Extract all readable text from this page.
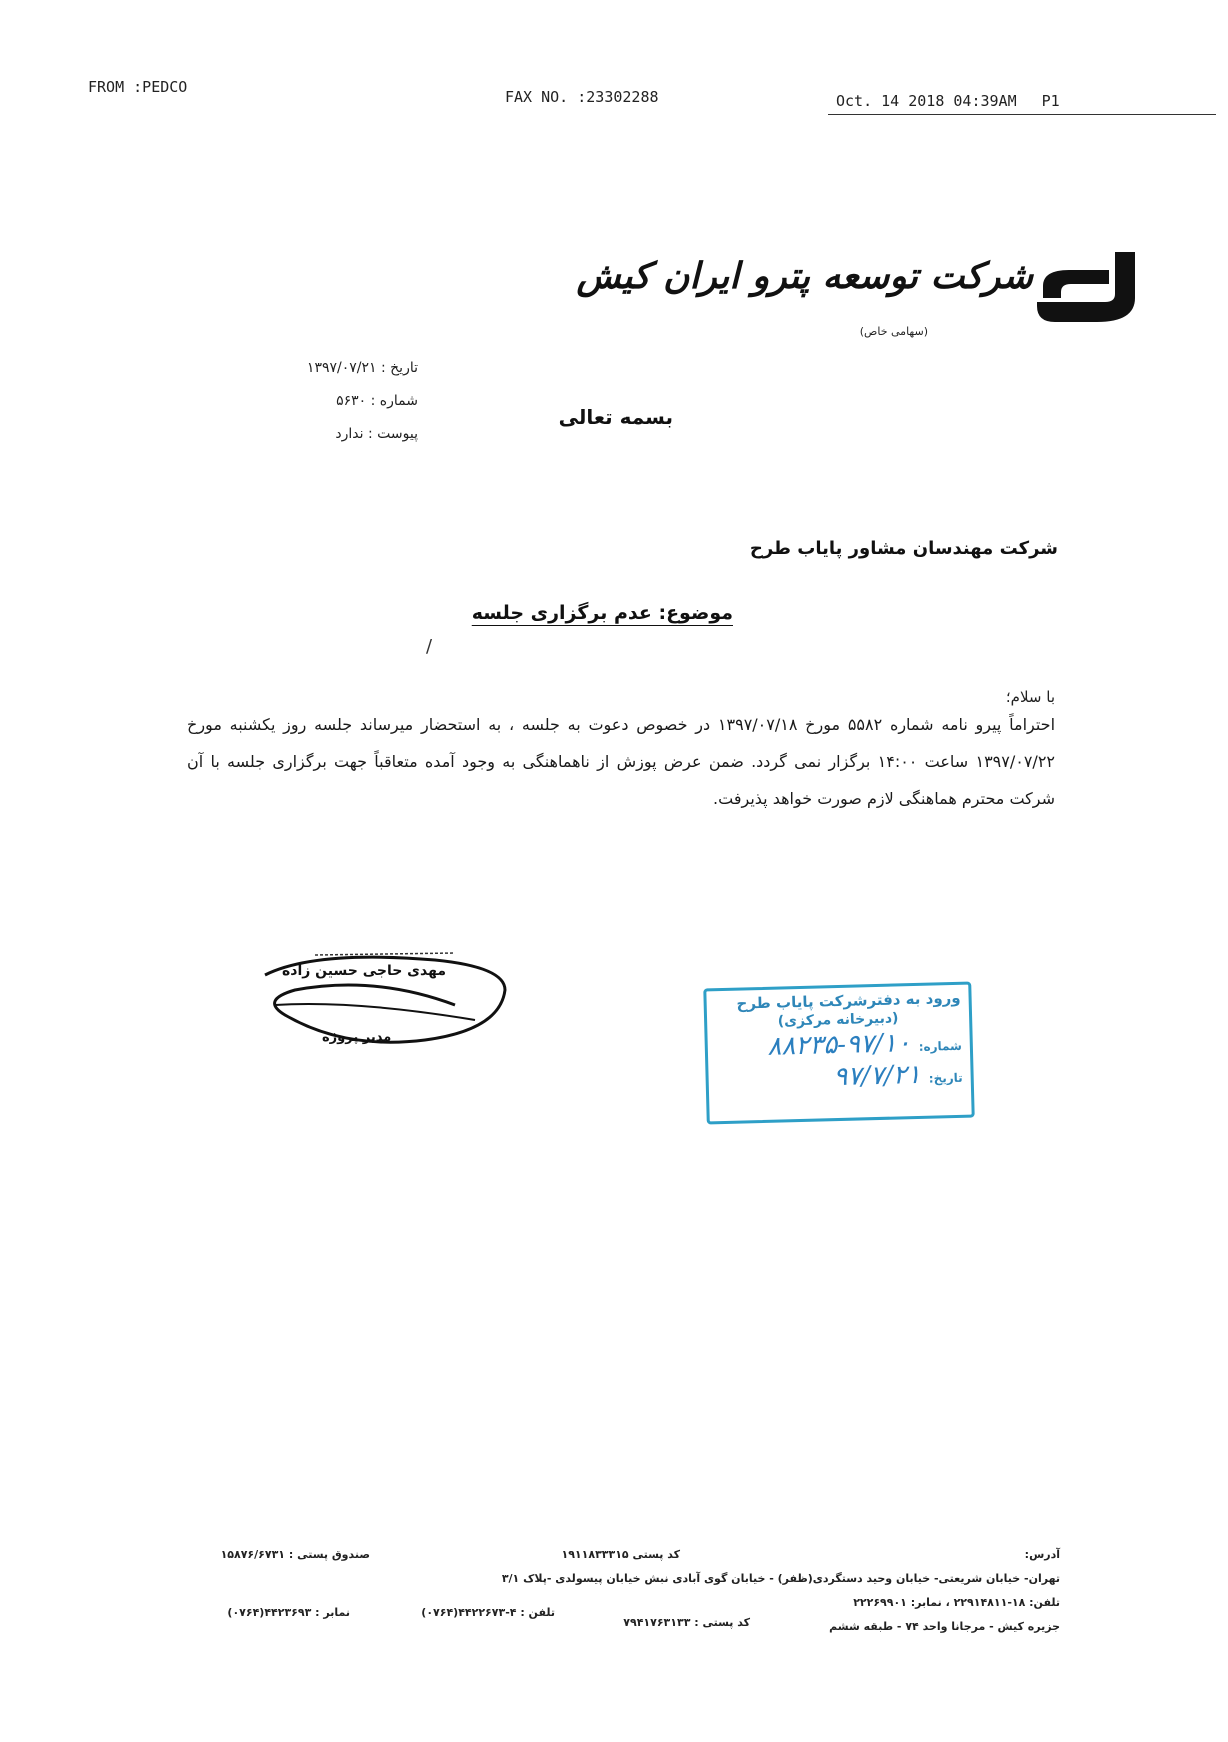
FROM :PEDCO
FAX NO. :23302288	Oct. 14 2018 04:39AM P1
شرکت توسعه پترو ایران کیش
(سهامی خاص)
تاریخ : ۱۳۹۷/۰۷/۲۱
شماره : ۵۶۳۰
پیوست : ندارد
بسمه تعالی
شرکت مهندسان مشاور پایاب طرح
موضوع: عدم برگزاری جلسه
/
با سلام؛
احتراماً پیرو نامه شماره ۵۵۸۲ مورخ ۱۳۹۷/۰۷/۱۸ در خصوص دعوت به جلسه ، به استحضار میرساند جلسه روز یکشنبه مورخ ۱۳۹۷/۰۷/۲۲ ساعت ۱۴:۰۰ برگزار نمی گردد. ضمن عرض پوزش از ناهماهنگی به وجود آمده متعاقباً جهت برگزاری جلسه با آن شرکت محترم هماهنگی لازم صورت خواهد پذیرفت.
مهدی حاجی حسین زاده
مدیر پروژه
ورود به دفترشرکت پایاب طرح
(دبیرخانه مرکزی)
شماره:
۸۸۲۳۵-۹۷/۱۰
تاریخ:
۹۷/۷/۲۱
آدرس:
تهران- خیابان شریعتی- خیابان وحید دستگردی(ظفر) - خیابان گوی آبادی نبش خیابان پیسولدی -پلاک ۳/۱
کد پستی ۱۹۱۱۸۳۳۳۱۵
صندوق پستی : ۱۵۸۷۶/۶۷۳۱
تلفن: ۱۸-۲۲۹۱۴۸۱۱ ، نمابر: ۲۲۲۶۹۹۰۱
جزیره کیش - مرجانا واحد ۷۴ - طبقه ششم
کد پستی : ۷۹۴۱۷۶۳۱۳۳
تلفن : ۴-۴۴۲۲۶۷۳(۰۷۶۴)
نمابر : ۴۴۲۳۶۹۳(۰۷۶۴)
